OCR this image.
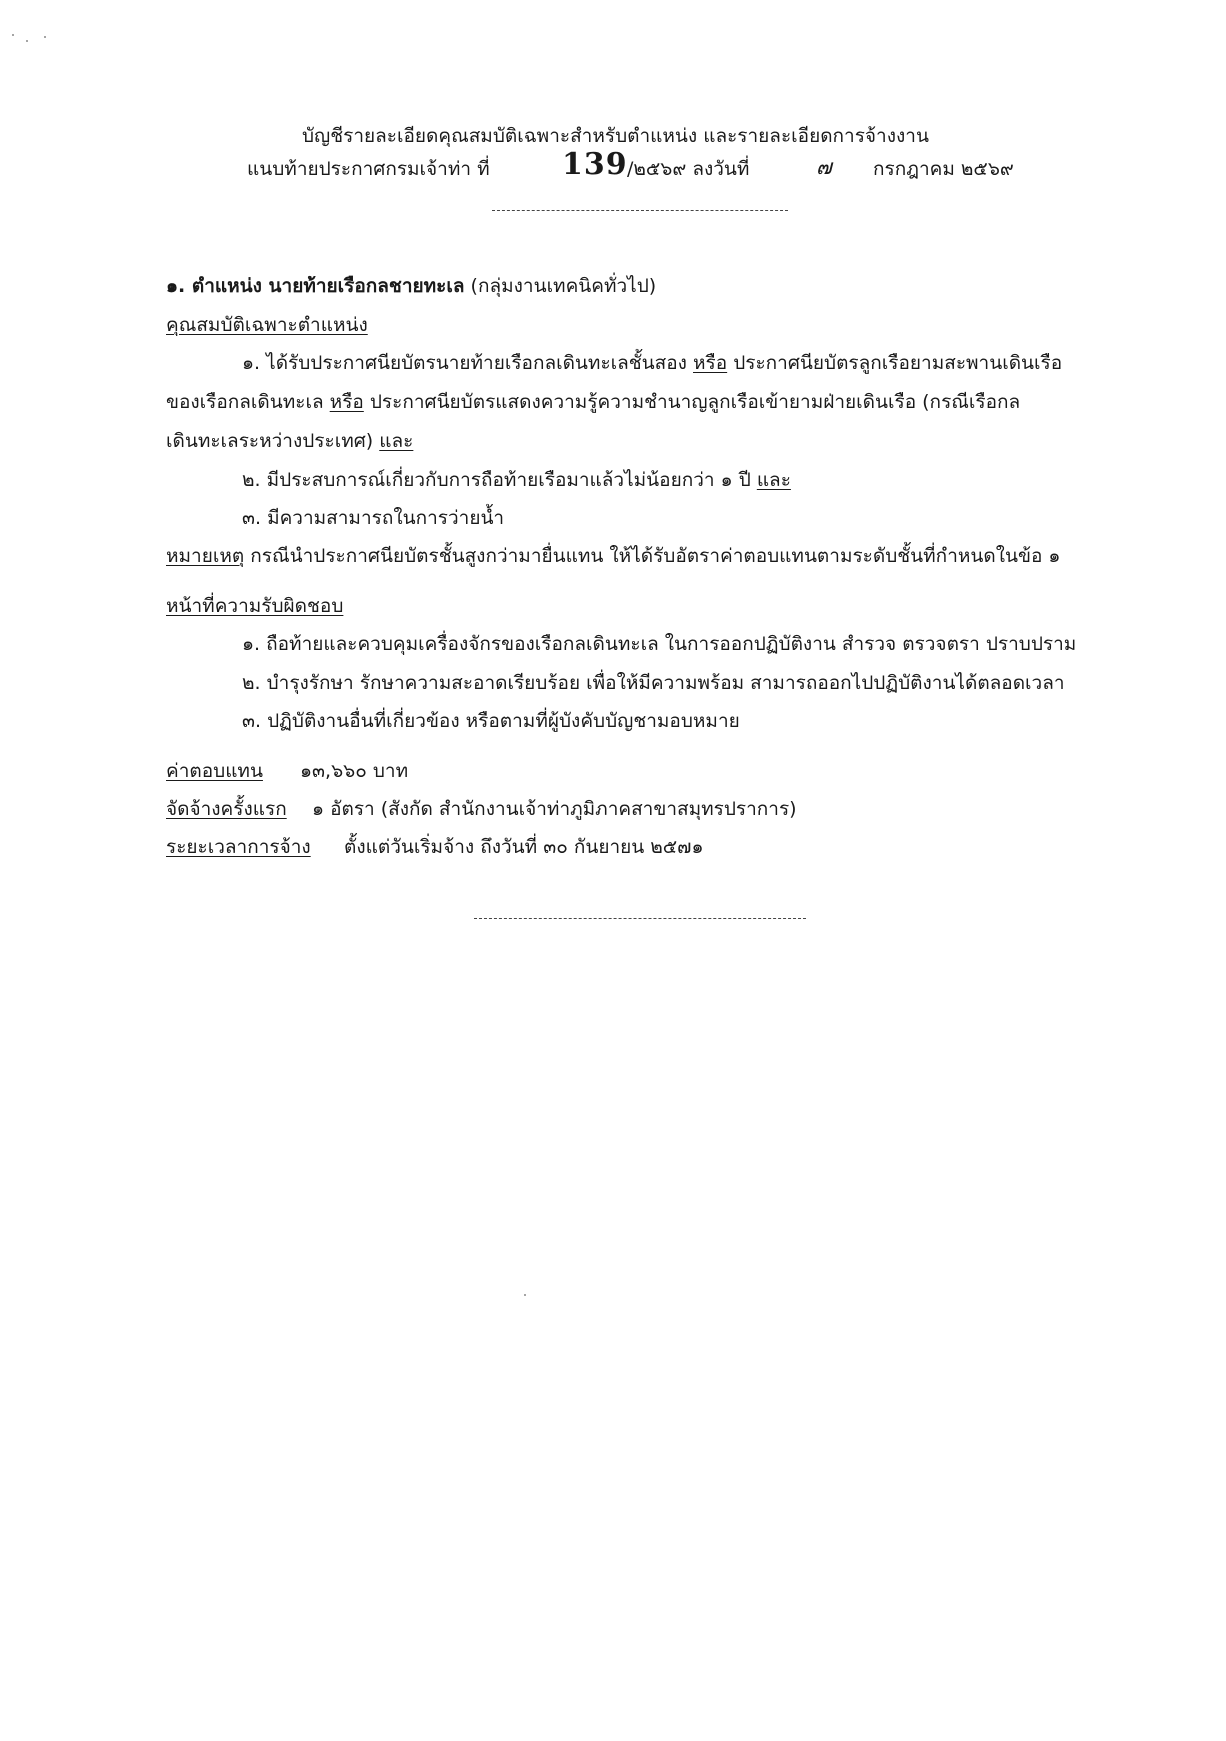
บัญชีรายละเอียดคุณสมบัติเฉพาะสำหรับตำแหน่ง และรายละเอียดการจ้างงาน
แนบท้ายประกาศกรมเจ้าท่า ที่ 139 /๒๕๖๙ ลงวันที่	๗ กรกฎาคม ๒๕๖๙
๑. ตำแหน่ง นายท้ายเรือกลชายทะเล (กลุ่มงานเทคนิคทั่วไป)
คุณสมบัติเฉพาะตำแหน่ง
๑. ได้รับประกาศนียบัตรนายท้ายเรือกลเดินทะเลชั้นสอง หรือ ประกาศนียบัตรลูกเรือยามสะพานเดินเรือ
ของเรือกลเดินทะเล หรือ ประกาศนียบัตรแสดงความรู้ความชำนาญลูกเรือเข้ายามฝ่ายเดินเรือ (กรณีเรือกล
เดินทะเลระหว่างประเทศ) และ
๒. มีประสบการณ์เกี่ยวกับการถือท้ายเรือมาแล้วไม่น้อยกว่า ๑ ปี และ
๓. มีความสามารถในการว่ายน้ำ
หมายเหตุ กรณีนำประกาศนียบัตรชั้นสูงกว่ามายื่นแทน ให้ได้รับอัตราค่าตอบแทนตามระดับชั้นที่กำหนดในข้อ ๑
หน้าที่ความรับผิดชอบ
๑. ถือท้ายและควบคุมเครื่องจักรของเรือกลเดินทะเล ในการออกปฏิบัติงาน สำรวจ ตรวจตรา ปราบปราม
๒. บำรุงรักษา รักษาความสะอาดเรียบร้อย เพื่อให้มีความพร้อม สามารถออกไปปฏิบัติงานได้ตลอดเวลา
๓. ปฏิบัติงานอื่นที่เกี่ยวข้อง หรือตามที่ผู้บังคับบัญชามอบหมาย
ค่าตอบแทน ๑๓,๖๖๐ บาท
จัดจ้างครั้งแรก ๑ อัตรา (สังกัด สำนักงานเจ้าท่าภูมิภาคสาขาสมุทรปราการ)
ระยะเวลาการจ้าง ตั้งแต่วันเริ่มจ้าง ถึงวันที่ ๓๐ กันยายน ๒๕๗๑
